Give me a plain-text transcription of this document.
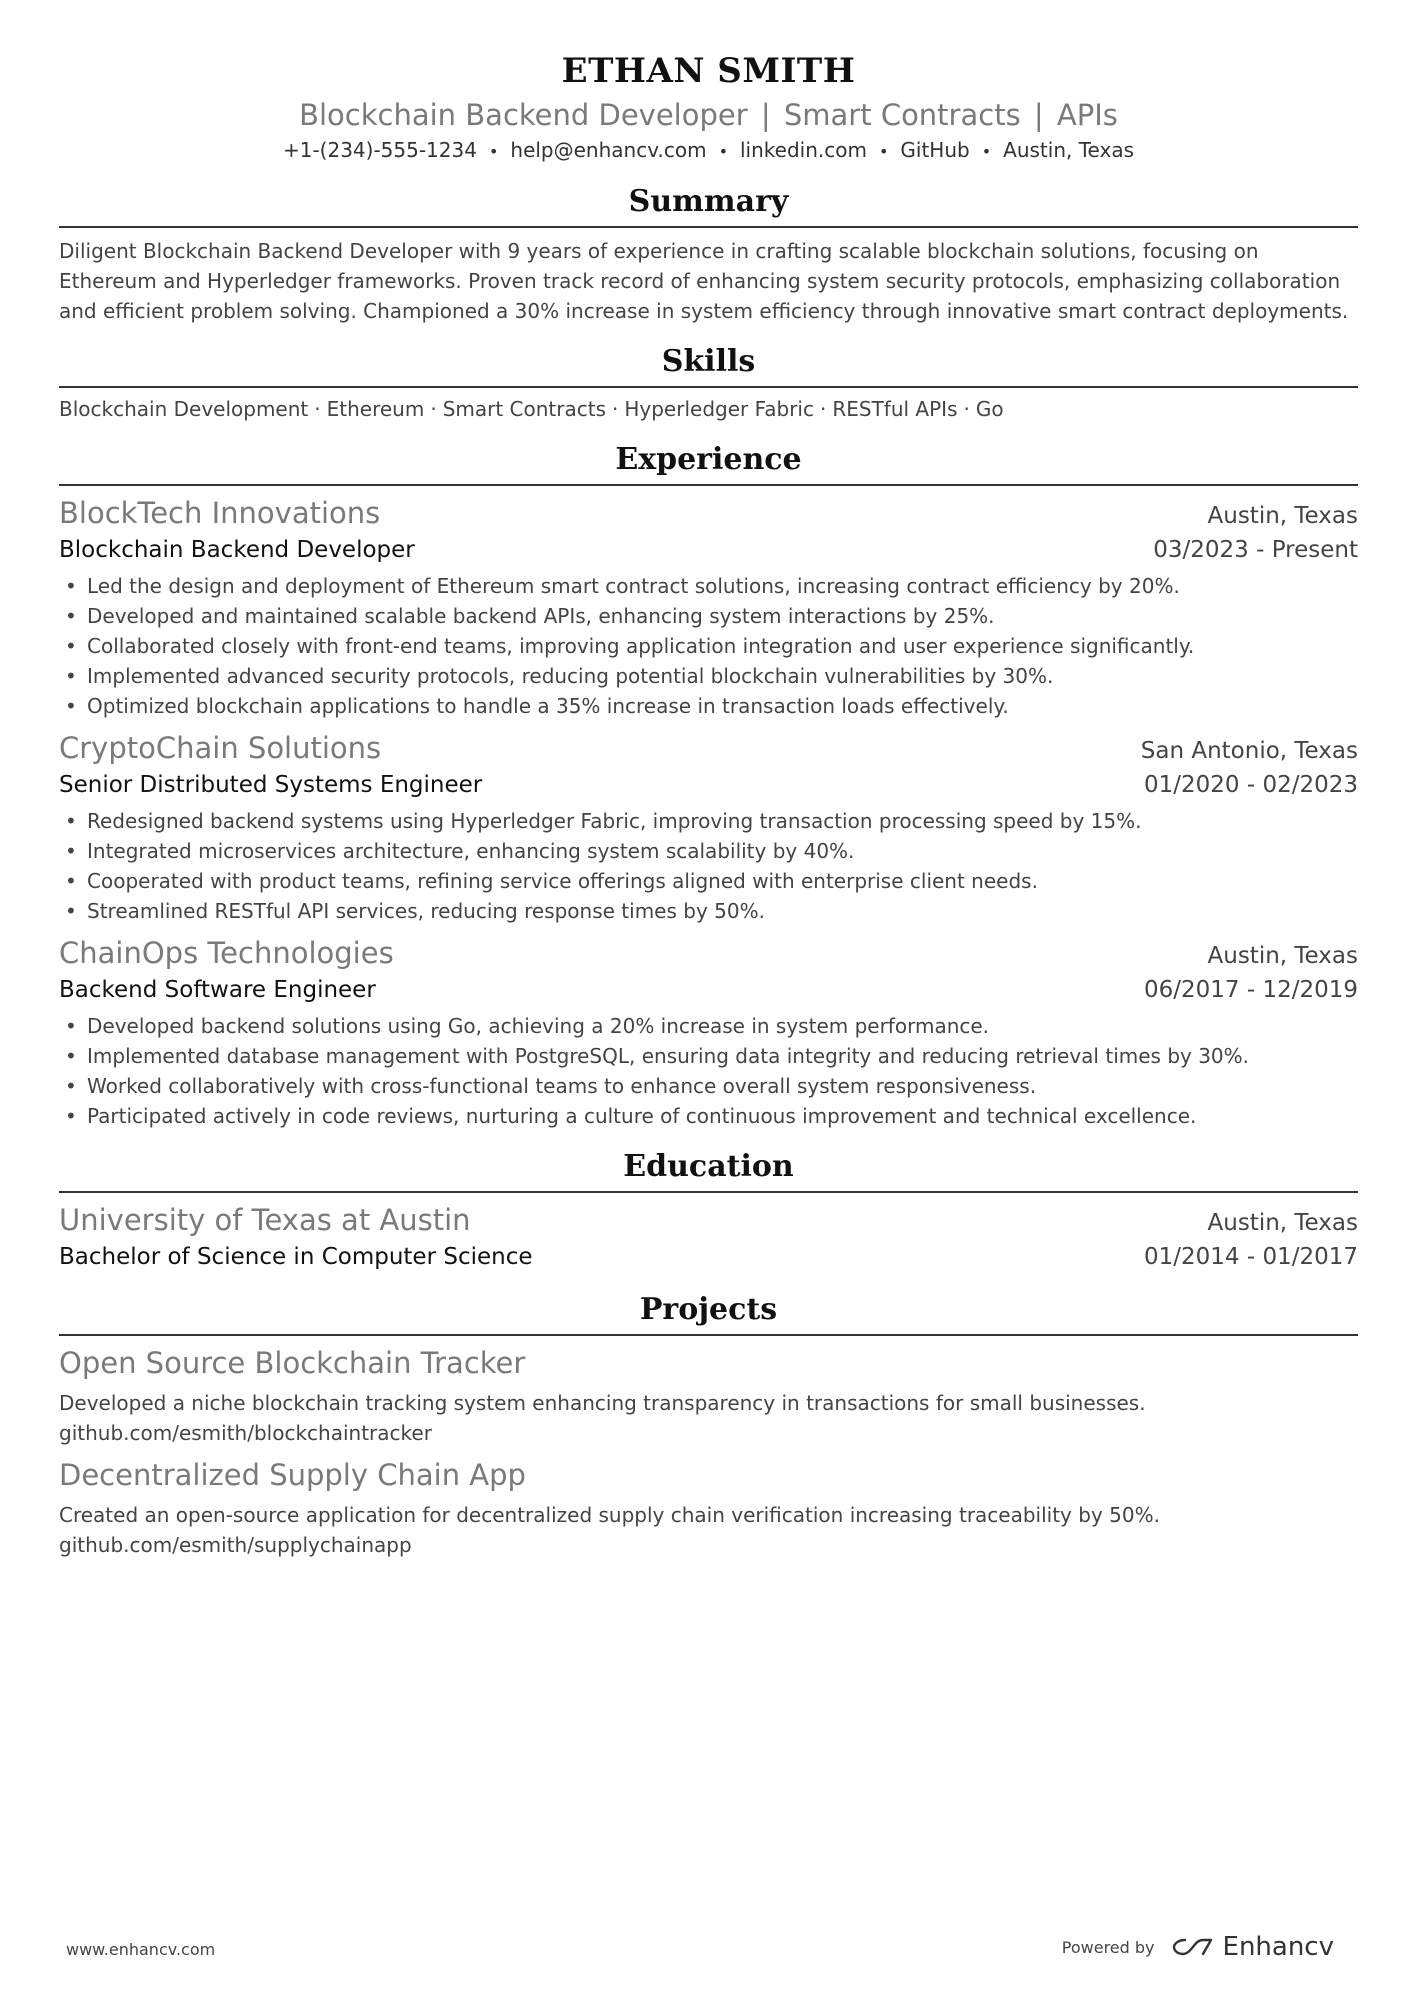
ETHAN SMITH
Blockchain Backend Developer | Smart Contracts | APIs
+1-(234)-555-1234 • help@enhancv.com • linkedin.com • GitHub • Austin, Texas
Summary
Diligent Blockchain Backend Developer with 9 years of experience in crafting scalable blockchain solutions, focusing on Ethereum and Hyperledger frameworks. Proven track record of enhancing system security protocols, emphasizing collaboration and efficient problem solving. Championed a 30% increase in system efficiency through innovative smart contract deployments.
Skills
Blockchain Development · Ethereum · Smart Contracts · Hyperledger Fabric · RESTful APIs · Go
Experience
BlockTech Innovations	Austin, Texas
Blockchain Backend Developer	03/2023 - Present
• Led the design and deployment of Ethereum smart contract solutions, increasing contract efficiency by 20%.
• Developed and maintained scalable backend APIs, enhancing system interactions by 25%.
• Collaborated closely with front-end teams, improving application integration and user experience significantly.
• Implemented advanced security protocols, reducing potential blockchain vulnerabilities by 30%.
• Optimized blockchain applications to handle a 35% increase in transaction loads effectively.
CryptoChain Solutions	San Antonio, Texas
Senior Distributed Systems Engineer	01/2020 - 02/2023
• Redesigned backend systems using Hyperledger Fabric, improving transaction processing speed by 15%.
• Integrated microservices architecture, enhancing system scalability by 40%.
• Cooperated with product teams, refining service offerings aligned with enterprise client needs.
• Streamlined RESTful API services, reducing response times by 50%.
ChainOps Technologies	Austin, Texas
Backend Software Engineer	06/2017 - 12/2019
• Developed backend solutions using Go, achieving a 20% increase in system performance.
• Implemented database management with PostgreSQL, ensuring data integrity and reducing retrieval times by 30%.
• Worked collaboratively with cross-functional teams to enhance overall system responsiveness.
• Participated actively in code reviews, nurturing a culture of continuous improvement and technical excellence.
Education
University of Texas at Austin	Austin, Texas
Bachelor of Science in Computer Science	01/2014 - 01/2017
Projects
Open Source Blockchain Tracker
Developed a niche blockchain tracking system enhancing transparency in transactions for small businesses.
github.com/esmith/blockchaintracker
Decentralized Supply Chain App
Created an open-source application for decentralized supply chain verification increasing traceability by 50%.
github.com/esmith/supplychainapp
www.enhancv.com	Powered by	Enhancv
